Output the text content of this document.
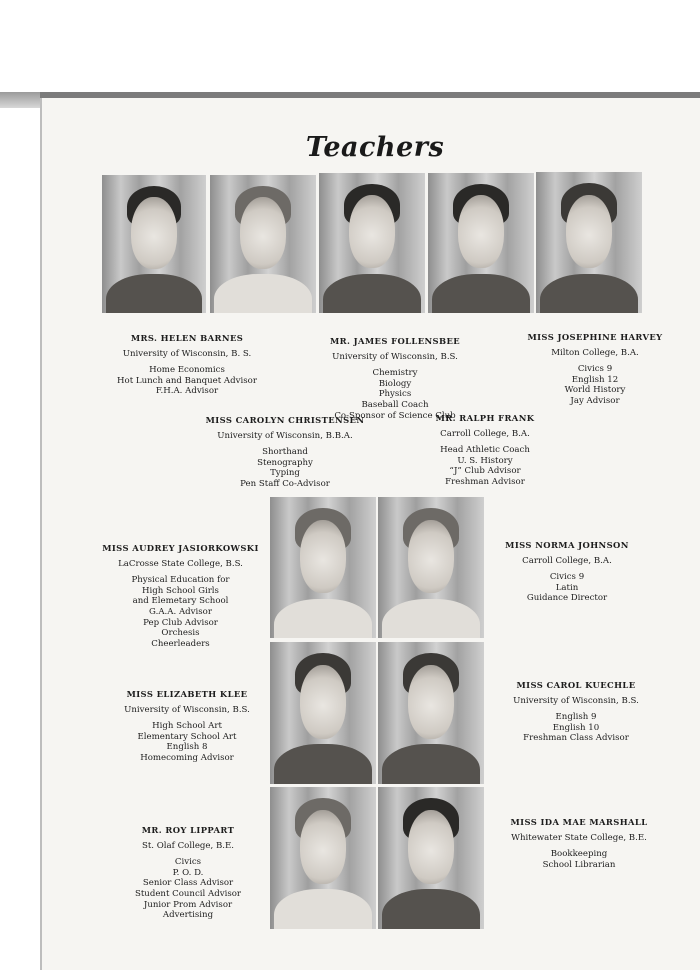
Teachers
MRS. HELEN BARNES
University of Wisconsin, B. S.
Home Economics
Hot Lunch and Banquet Advisor
F.H.A. Advisor
MR. JAMES FOLLENSBEE
University of Wisconsin, B.S.
Chemistry
Biology
Physics
Baseball Coach
Co-Sponsor of Science Club
MISS JOSEPHINE HARVEY
Milton College, B.A.
Civics 9
English 12
World History
Jay Advisor
MISS CAROLYN CHRISTENSEN
University of Wisconsin, B.B.A.
Shorthand
Stenography
Typing
Pen Staff Co-Advisor
MR. RALPH FRANK
Carroll College, B.A.
Head Athletic Coach
U. S. History
“J” Club Advisor
Freshman Advisor
MISS AUDREY JASIORKOWSKI
LaCrosse State College, B.S.
Physical Education for
High School Girls
and Elemetary School
G.A.A. Advisor
Pep Club Advisor
Orchesis
Cheerleaders
MISS ELIZABETH KLEE
University of Wisconsin, B.S.
High School Art
Elementary School Art
English 8
Homecoming Advisor
MR. ROY LIPPART
St. Olaf College, B.E.
Civics
P. O. D.
Senior Class Advisor
Student Council Advisor
Junior Prom Advisor
Advertising
MISS NORMA JOHNSON
Carroll College, B.A.
Civics 9
Latin
Guidance Director
MISS CAROL KUECHLE
University of Wisconsin, B.S.
English 9
English 10
Freshman Class Advisor
MISS IDA MAE MARSHALL
Whitewater State College, B.E.
Bookkeeping
School Librarian
